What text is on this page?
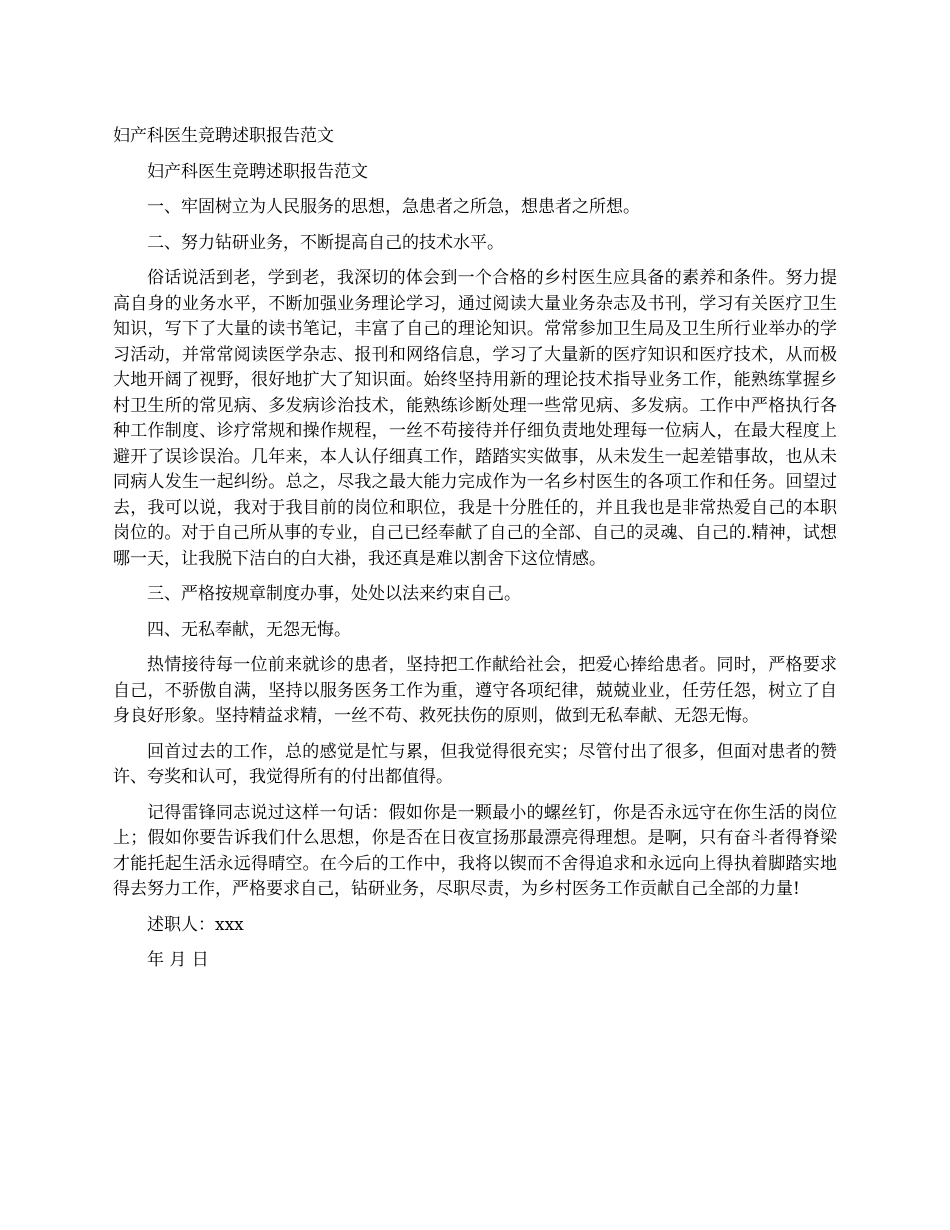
妇产科医生竞聘述职报告范文

妇产科医生竞聘述职报告范文

一、牢固树立为人民服务的思想，急患者之所急，想患者之所想。

二、努力钻研业务，不断提高自己的技术水平。

俗话说活到老，学到老，我深切的体会到一个合格的乡村医生应具备的素养和条件。努力提高自身的业务水平，不断加强业务理论学习，通过阅读大量业务杂志及书刊，学习有关医疗卫生知识，写下了大量的读书笔记，丰富了自己的理论知识。常常参加卫生局及卫生所行业举办的学习活动，并常常阅读医学杂志、报刊和网络信息，学习了大量新的医疗知识和医疗技术，从而极大地开阔了视野，很好地扩大了知识面。始终坚持用新的理论技术指导业务工作，能熟练掌握乡村卫生所的常见病、多发病诊治技术，能熟练诊断处理一些常见病、多发病。工作中严格执行各种工作制度、诊疗常规和操作规程，一丝不苟接待并仔细负责地处理每一位病人，在最大程度上避开了误诊误治。几年来，本人认仔细真工作，踏踏实实做事，从未发生一起差错事故，也从未同病人发生一起纠纷。总之，尽我之最大能力完成作为一名乡村医生的各项工作和任务。回望过去，我可以说，我对于我目前的岗位和职位，我是十分胜任的，并且我也是非常热爱自己的本职岗位的。对于自己所从事的专业，自己已经奉献了自己的全部、自己的灵魂、自己的.精神，试想哪一天，让我脱下洁白的白大褂，我还真是难以割舍下这位情感。

三、严格按规章制度办事，处处以法来约束自己。

四、无私奉献，无怨无悔。

热情接待每一位前来就诊的患者，坚持把工作献给社会，把爱心捧给患者。同时，严格要求自己，不骄傲自满，坚持以服务医务工作为重，遵守各项纪律，兢兢业业，任劳任怨，树立了自身良好形象。坚持精益求精，一丝不苟、救死扶伤的原则，做到无私奉献、无怨无悔。

回首过去的工作，总的感觉是忙与累，但我觉得很充实；尽管付出了很多，但面对患者的赞许、夸奖和认可，我觉得所有的付出都值得。

记得雷锋同志说过这样一句话：假如你是一颗最小的螺丝钉，你是否永远守在你生活的岗位上；假如你要告诉我们什么思想，你是否在日夜宣扬那最漂亮得理想。是啊，只有奋斗者得脊梁才能托起生活永远得晴空。在今后的工作中，我将以锲而不舍得追求和永远向上得执着脚踏实地得去努力工作，严格要求自己，钻研业务，尽职尽责，为乡村医务工作贡献自己全部的力量!

述职人：xxx

年 月 日
